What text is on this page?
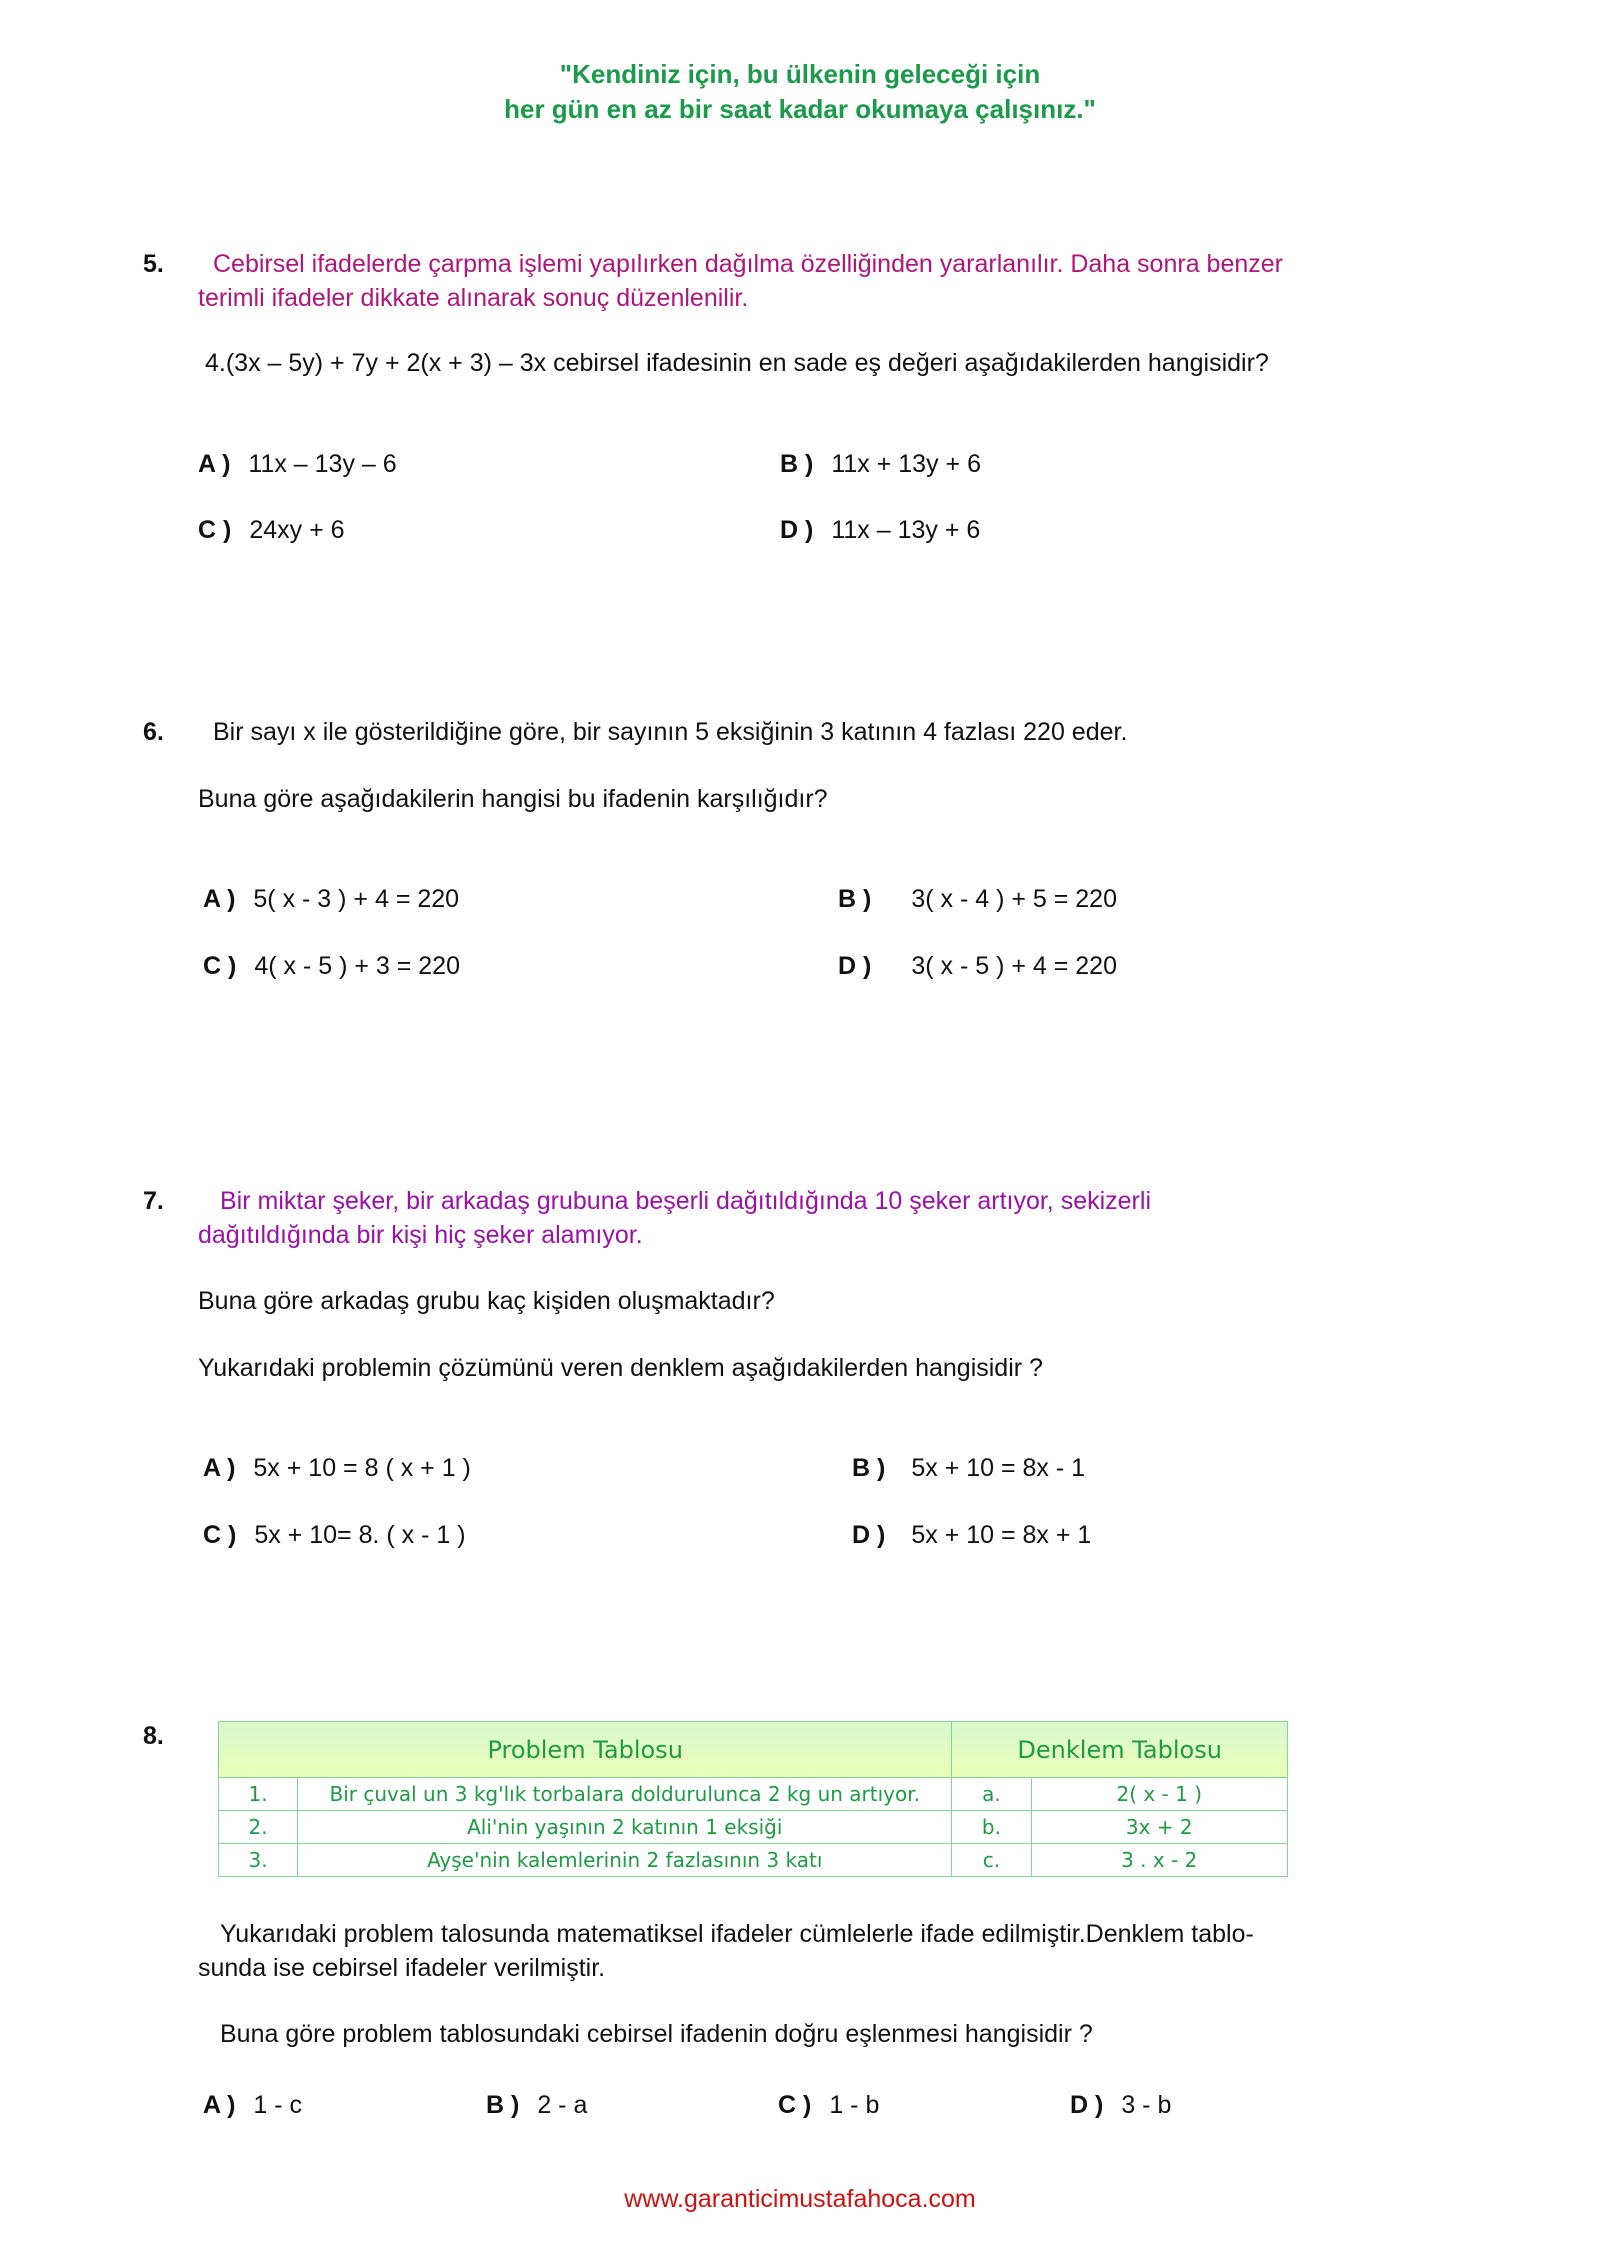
"Kendiniz için, bu ülkenin geleceği için
her gün en az bir saat kadar okumaya çalışınız."
5. Cebirsel ifadelerde çarpma işlemi yapılırken dağılma özelliğinden yararlanılır. Daha sonra benzer
terimli ifadeler dikkate alınarak sonuç düzenlenilir.
4.(3x – 5y) + 7y + 2(x + 3) – 3x cebirsel ifadesinin en sade eş değeri aşağıdakilerden hangisidir?
A ) 11x – 13y – 6	B ) 11x + 13y + 6
C ) 24xy + 6	D ) 11x – 13y + 6
6. Bir sayı x ile gösterildiğine göre, bir sayının 5 eksiğinin 3 katının 4 fazlası 220 eder.
Buna göre aşağıdakilerin hangisi bu ifadenin karşılığıdır?
A ) 5( x - 3 ) + 4 = 220	B ) 3( x - 4 ) + 5 = 220
C ) 4( x - 5 ) + 3 = 220	D ) 3( x - 5 ) + 4 = 220
7. Bir miktar şeker, bir arkadaş grubuna beşerli dağıtıldığında 10 şeker artıyor, sekizerli
dağıtıldığında bir kişi hiç şeker alamıyor.
Buna göre arkadaş grubu kaç kişiden oluşmaktadır?
Yukarıdaki problemin çözümünü veren denklem aşağıdakilerden hangisidir ?
A ) 5x + 10 = 8 ( x + 1 )	B ) 5x + 10 = 8x - 1
C ) 5x + 10= 8. ( x - 1 )	D ) 5x + 10 = 8x + 1
8.	Problem Tablosu		Denklem Tablosu	
1.	Bir çuval un 3 kg'lık torbalara doldurulunca 2 kg un artıyor.	a.	2( x - 1 )
2.	Ali'nin yaşının 2 katının 1 eksiği	b.	3x + 2
3.	Ayşe'nin kalemlerinin 2 fazlasının 3 katı	c.	3 . x - 2
Yukarıdaki problem talosunda matematiksel ifadeler cümlelerle ifade edilmiştir.Denklem tablo-
sunda ise cebirsel ifadeler verilmiştir.
Buna göre problem tablosundaki cebirsel ifadenin doğru eşlenmesi hangisidir ?
A ) 1 - c	B ) 2 - a	C ) 1 - b	D ) 3 - b
www.garanticimustafahoca.com
